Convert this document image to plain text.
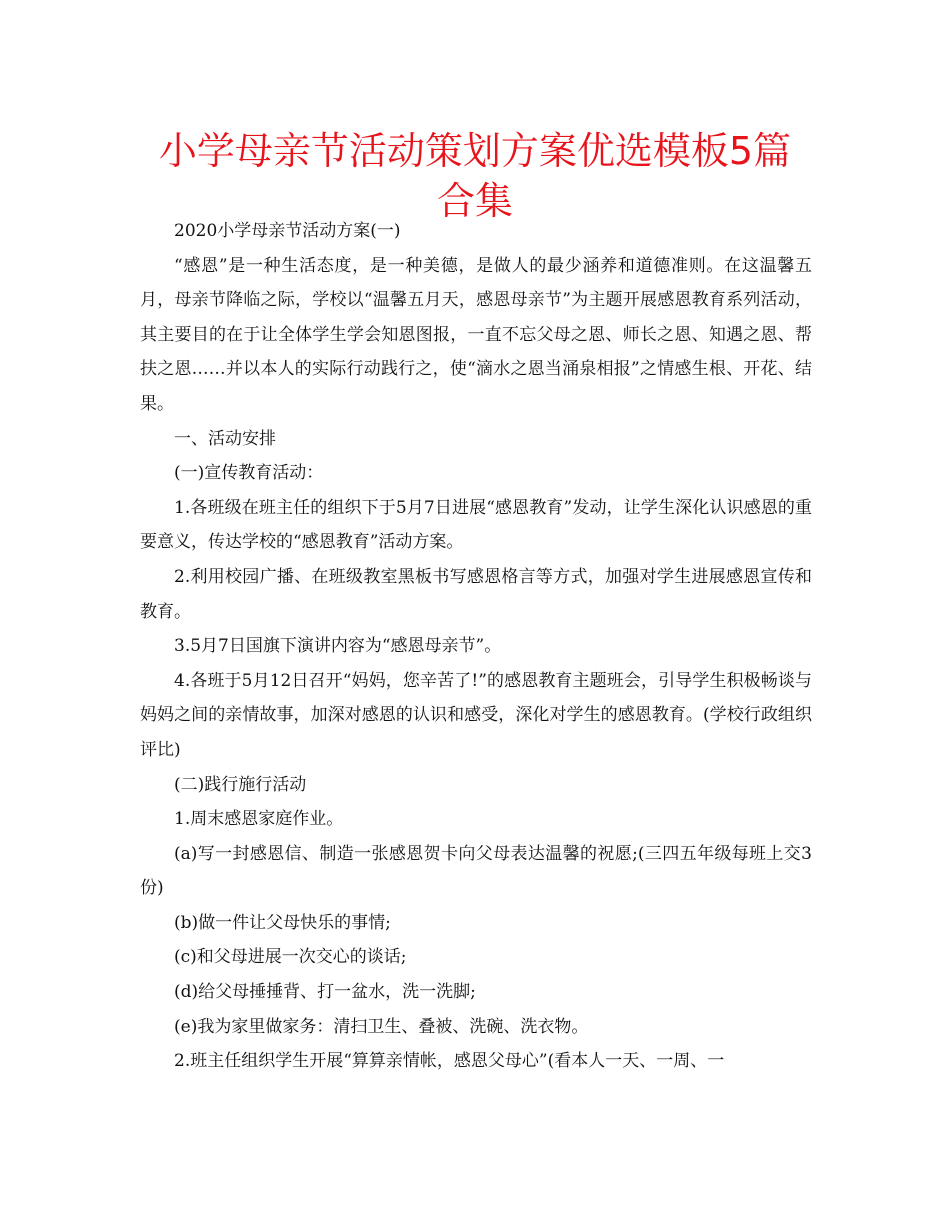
小学母亲节活动策划方案优选模板5篇合集

2020小学母亲节活动方案(一)

“感恩”是一种生活态度，是一种美德，是做人的最少涵养和道德准则。在这温馨五月，母亲节降临之际，学校以“温馨五月天，感恩母亲节”为主题开展感恩教育系列活动，其主要目的在于让全体学生学会知恩图报，一直不忘父母之恩、师长之恩、知遇之恩、帮扶之恩……并以本人的实际行动践行之，使“滴水之恩当涌泉相报”之情感生根、开花、结果。

一、活动安排

(一)宣传教育活动：

1.各班级在班主任的组织下于5月7日进展“感恩教育”发动，让学生深化认识感恩的重要意义，传达学校的“感恩教育”活动方案。

2.利用校园广播、在班级教室黑板书写感恩格言等方式，加强对学生进展感恩宣传和教育。

3.5月7日国旗下演讲内容为“感恩母亲节”。

4.各班于5月12日召开“妈妈，您辛苦了!”的感恩教育主题班会，引导学生积极畅谈与妈妈之间的亲情故事，加深对感恩的认识和感受，深化对学生的感恩教育。(学校行政组织评比)

(二)践行施行活动

1.周末感恩家庭作业。

(a)写一封感恩信、制造一张感恩贺卡向父母表达温馨的祝愿;(三四五年级每班上交3份)

(b)做一件让父母快乐的事情;

(c)和父母进展一次交心的谈话;

(d)给父母捶捶背、打一盆水，洗一洗脚;

(e)我为家里做家务：清扫卫生、叠被、洗碗、洗衣物。

2.班主任组织学生开展“算算亲情帐，感恩父母心”(看本人一天、一周、一
